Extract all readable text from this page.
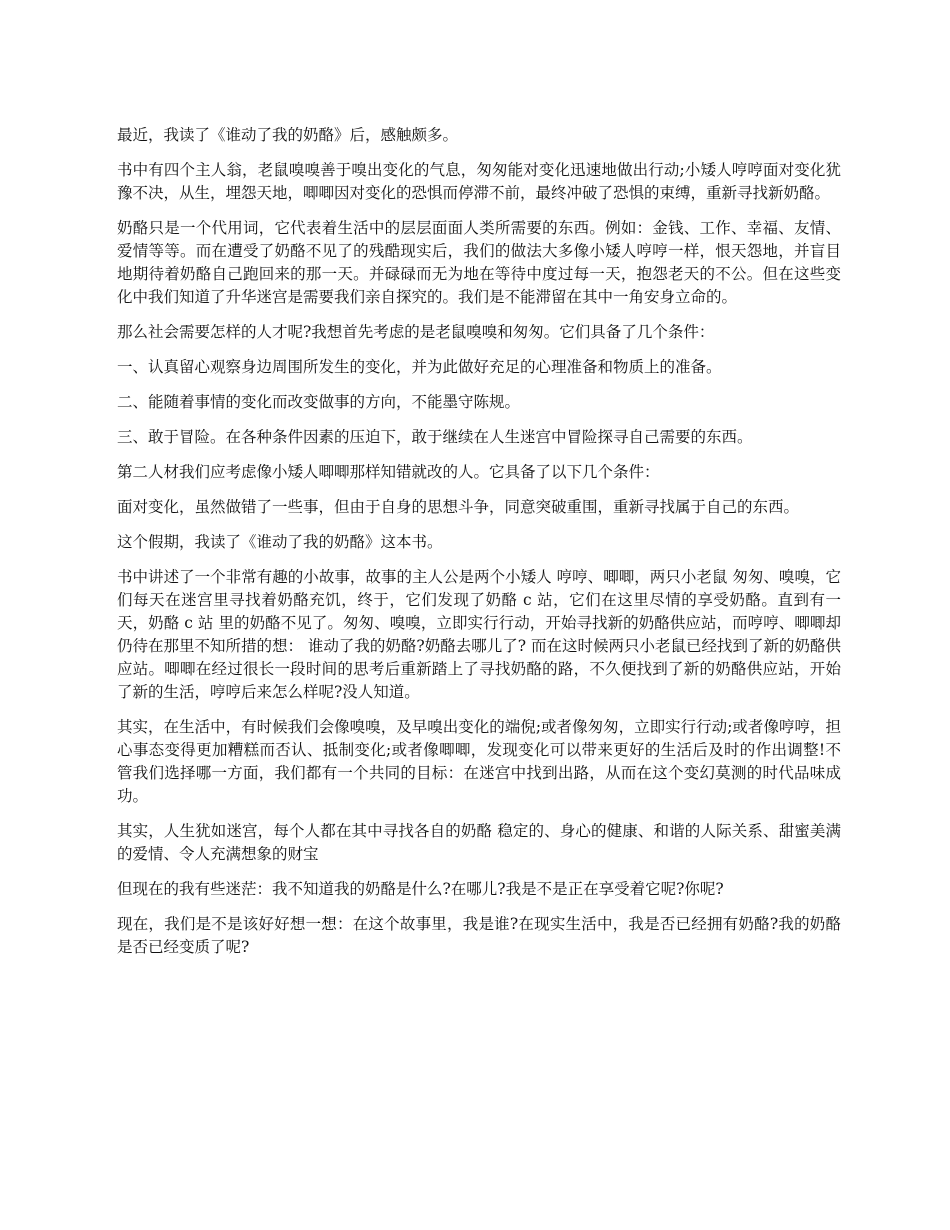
最近，我读了《谁动了我的奶酪》后，感触颇多。

书中有四个主人翁，老鼠嗅嗅善于嗅出变化的气息，匆匆能对变化迅速地做出行动;小矮人哼哼面对变化犹豫不决，从生，埋怨天地，唧唧因对变化的恐惧而停滞不前，最终冲破了恐惧的束缚，重新寻找新奶酪。

奶酪只是一个代用词，它代表着生活中的层层面面人类所需要的东西。例如：金钱、工作、幸福、友情、爱情等等。而在遭受了奶酪不见了的残酷现实后，我们的做法大多像小矮人哼哼一样，恨天怨地，并盲目地期待着奶酪自己跑回来的那一天。并碌碌而无为地在等待中度过每一天，抱怨老天的不公。但在这些变化中我们知道了升华迷宫是需要我们亲自探究的。我们是不能滞留在其中一角安身立命的。

那么社会需要怎样的人才呢?我想首先考虑的是老鼠嗅嗅和匆匆。它们具备了几个条件：

一、认真留心观察身边周围所发生的变化，并为此做好充足的心理准备和物质上的准备。

二、能随着事情的变化而改变做事的方向，不能墨守陈规。

三、敢于冒险。在各种条件因素的压迫下，敢于继续在人生迷宫中冒险探寻自己需要的东西。

第二人材我们应考虑像小矮人唧唧那样知错就改的人。它具备了以下几个条件：

面对变化，虽然做错了一些事，但由于自身的思想斗争，同意突破重围，重新寻找属于自己的东西。

这个假期，我读了《谁动了我的奶酪》这本书。

书中讲述了一个非常有趣的小故事，故事的主人公是两个小矮人 哼哼、唧唧，两只小老鼠 匆匆、嗅嗅，它们每天在迷宫里寻找着奶酪充饥，终于，它们发现了奶酪 c 站，它们在这里尽情的享受奶酪。直到有一天，奶酪 c 站 里的奶酪不见了。匆匆、嗅嗅，立即实行行动，开始寻找新的奶酪供应站，而哼哼、唧唧却仍待在那里不知所措的想： 谁动了我的奶酪?奶酪去哪儿了? 而在这时候两只小老鼠已经找到了新的奶酪供应站。唧唧在经过很长一段时间的思考后重新踏上了寻找奶酪的路，不久便找到了新的奶酪供应站，开始了新的生活，哼哼后来怎么样呢?没人知道。

其实，在生活中，有时候我们会像嗅嗅，及早嗅出变化的端倪;或者像匆匆，立即实行行动;或者像哼哼，担心事态变得更加糟糕而否认、抵制变化;或者像唧唧，发现变化可以带来更好的生活后及时的作出调整!不管我们选择哪一方面，我们都有一个共同的目标：在迷宫中找到出路，从而在这个变幻莫测的时代品味成功。

其实，人生犹如迷宫，每个人都在其中寻找各自的奶酪 稳定的、身心的健康、和谐的人际关系、甜蜜美满的爱情、令人充满想象的财宝

但现在的我有些迷茫：我不知道我的奶酪是什么?在哪儿?我是不是正在享受着它呢?你呢?

现在，我们是不是该好好想一想：在这个故事里，我是谁?在现实生活中，我是否已经拥有奶酪?我的奶酪是否已经变质了呢?
